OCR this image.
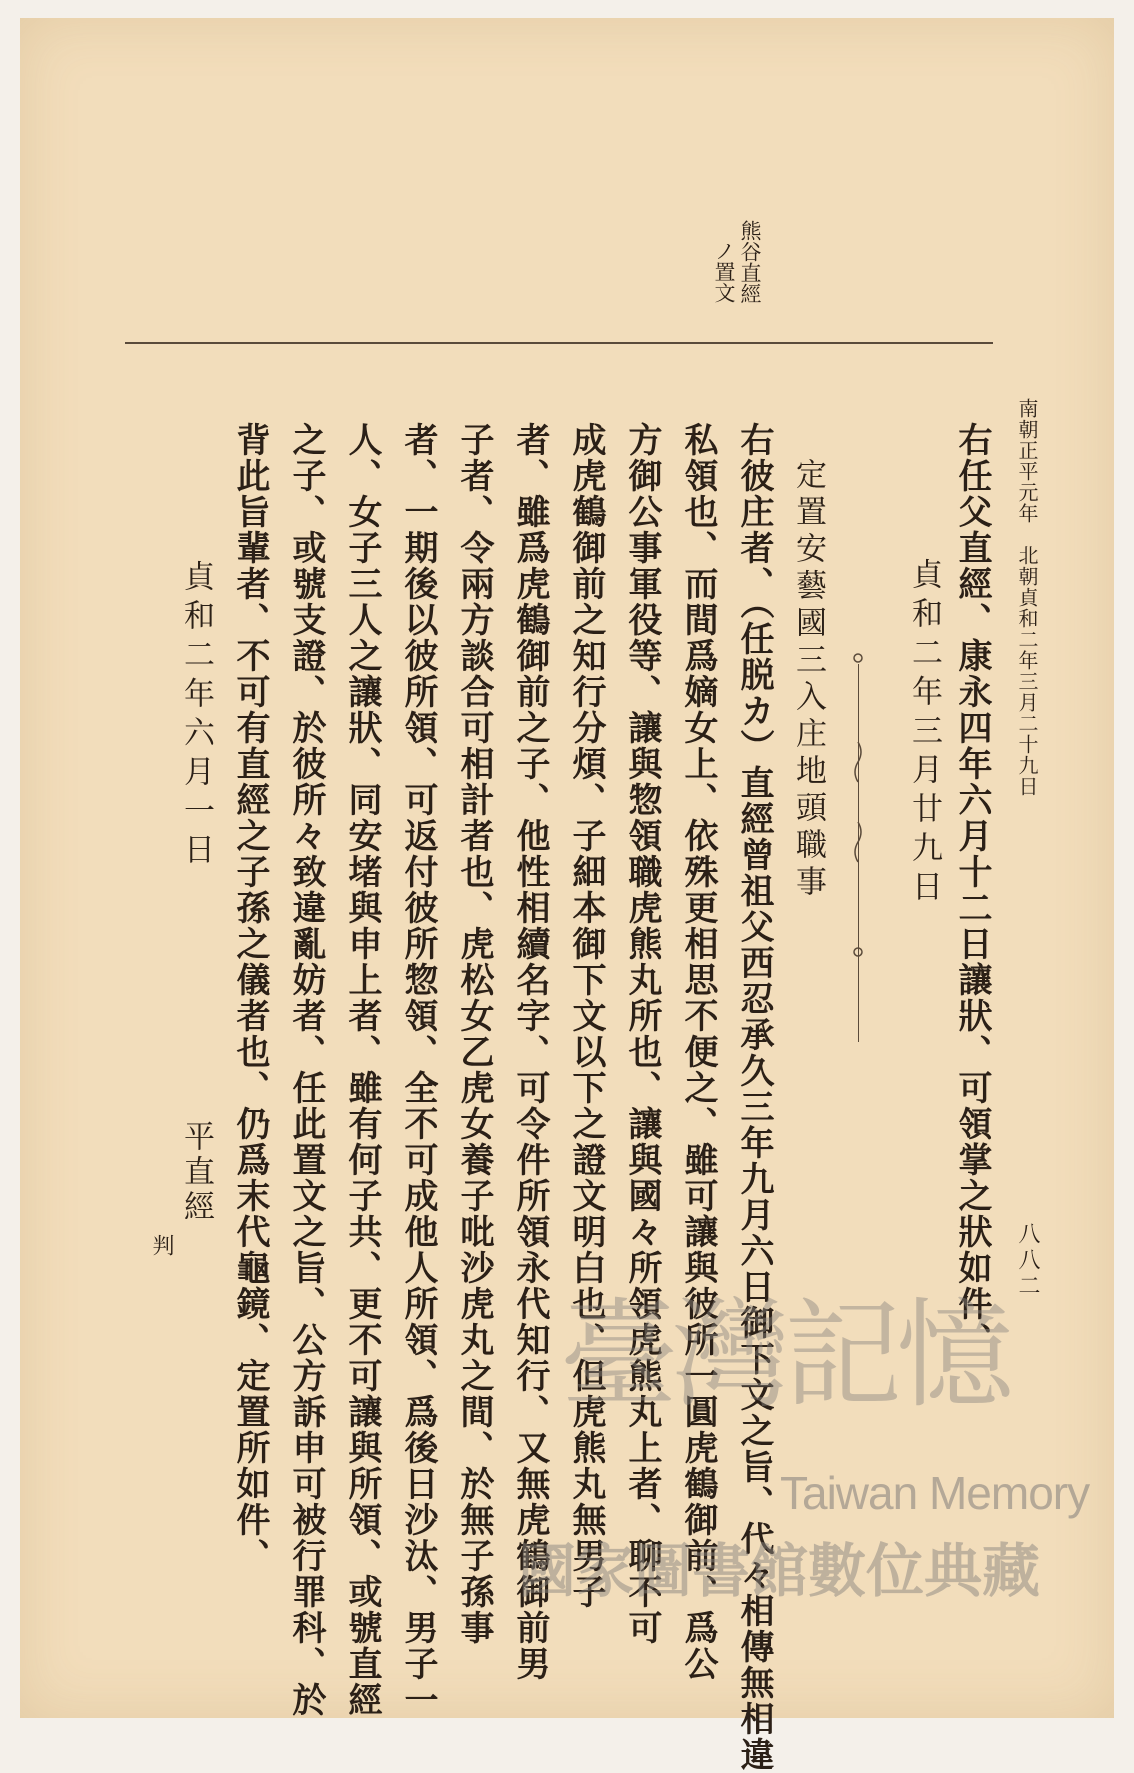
南朝正平元年　北朝貞和二年三月二十九日
八八二
熊谷直經
ノ置文
右任父直經、康永四年六月十二日讓狀、可領掌之狀如件、
貞和二年三月廿九日
定置安藝國三入庄地頭職事
右彼庄者、（任脱カ）直經曾祖父西忍承久三年九月六日御下文之旨、代々相傳無相違
私領也、而間爲嫡女上、依殊更相思不便之、雖可讓與彼所一圓虎鶴御前、爲公
方御公事軍役等、讓與惣領職虎熊丸所也、讓與國々所領虎熊丸上者、聊不可
成虎鶴御前之知行分煩、子細本御下文以下之證文明白也、但虎熊丸無男子
者、雖爲虎鶴御前之子、他性相續名字、可令件所領永代知行、又無虎鶴御前男
子者、令兩方談合可相計者也、虎松女乙虎女養子吡沙虎丸之間、於無子孫事
者、一期後以彼所領、可返付彼所惣領、全不可成他人所領、爲後日沙汰、男子一
人、女子三人之讓狀、同安堵與申上者、雖有何子共、更不可讓與所領、或號直經
之子、或號支證、於彼所々致違亂妨者、任此置文之旨、公方訴申可被行罪科、於
背此旨輩者、不可有直經之子孫之儀者也、仍爲末代龜鏡、定置所如件、
貞和二年六月一日
平直經
判
臺灣記憶
Taiwan Memory
國家圖書館數位典藏
